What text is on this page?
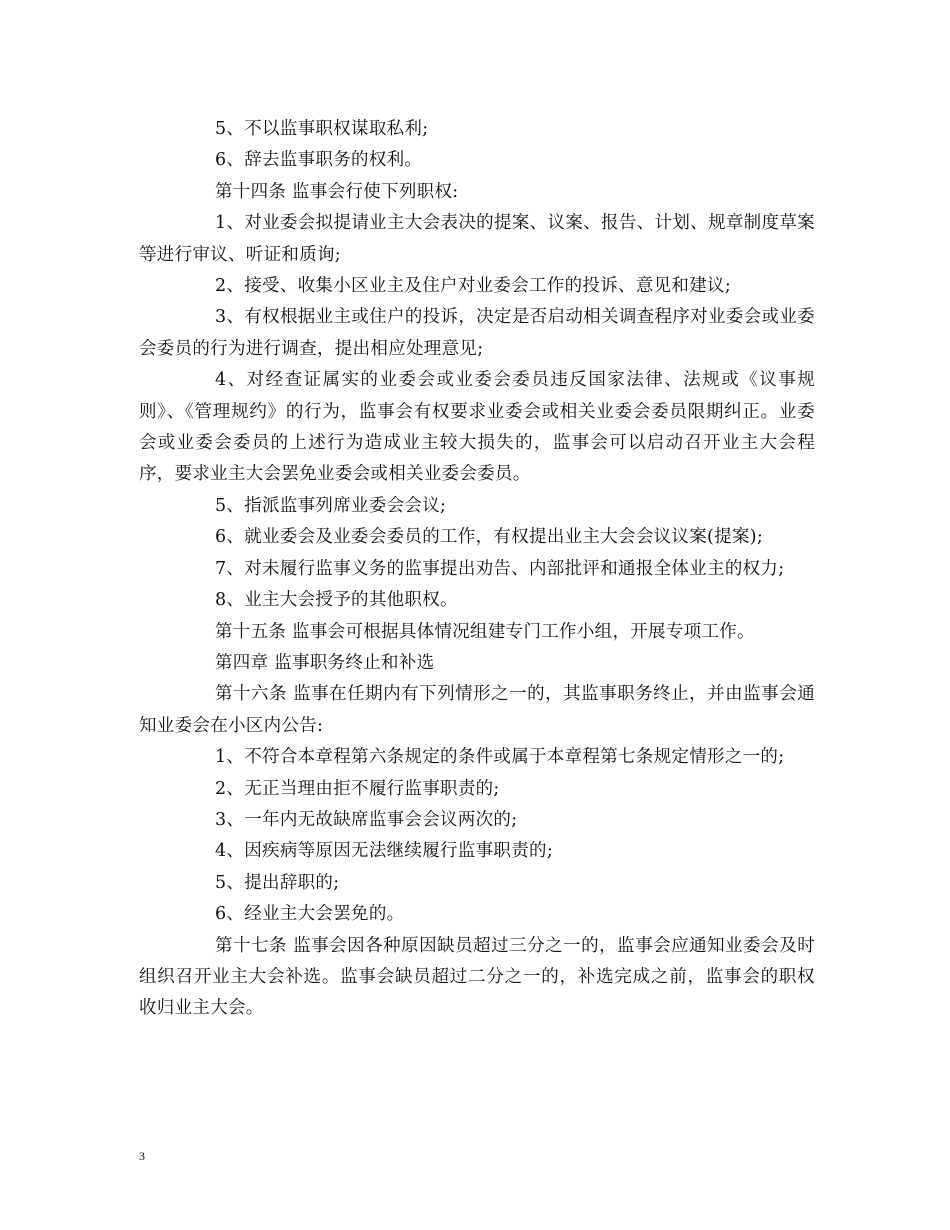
5、不以监事职权谋取私利;

6、辞去监事职务的权利。

第十四条 监事会行使下列职权:

1、对业委会拟提请业主大会表决的提案、议案、报告、计划、规章制度草案等进行审议、听证和质询;

2、接受、收集小区业主及住户对业委会工作的投诉、意见和建议;

3、有权根据业主或住户的投诉，决定是否启动相关调查程序对业委会或业委会委员的行为进行调查，提出相应处理意见;

4、对经查证属实的业委会或业委会委员违反国家法律、法规或《议事规则》、《管理规约》的行为，监事会有权要求业委会或相关业委会委员限期纠正。业委会或业委会委员的上述行为造成业主较大损失的，监事会可以启动召开业主大会程序，要求业主大会罢免业委会或相关业委会委员。

5、指派监事列席业委会会议;

6、就业委会及业委会委员的工作，有权提出业主大会会议议案(提案);

7、对未履行监事义务的监事提出劝告、内部批评和通报全体业主的权力;

8、业主大会授予的其他职权。

第十五条 监事会可根据具体情况组建专门工作小组，开展专项工作。

第四章 监事职务终止和补选

第十六条 监事在任期内有下列情形之一的，其监事职务终止，并由监事会通知业委会在小区内公告:

1、不符合本章程第六条规定的条件或属于本章程第七条规定情形之一的;

2、无正当理由拒不履行监事职责的;

3、一年内无故缺席监事会会议两次的;

4、因疾病等原因无法继续履行监事职责的;

5、提出辞职的;

6、经业主大会罢免的。

第十七条 监事会因各种原因缺员超过三分之一的，监事会应通知业委会及时组织召开业主大会补选。监事会缺员超过二分之一的，补选完成之前，监事会的职权收归业主大会。

3
